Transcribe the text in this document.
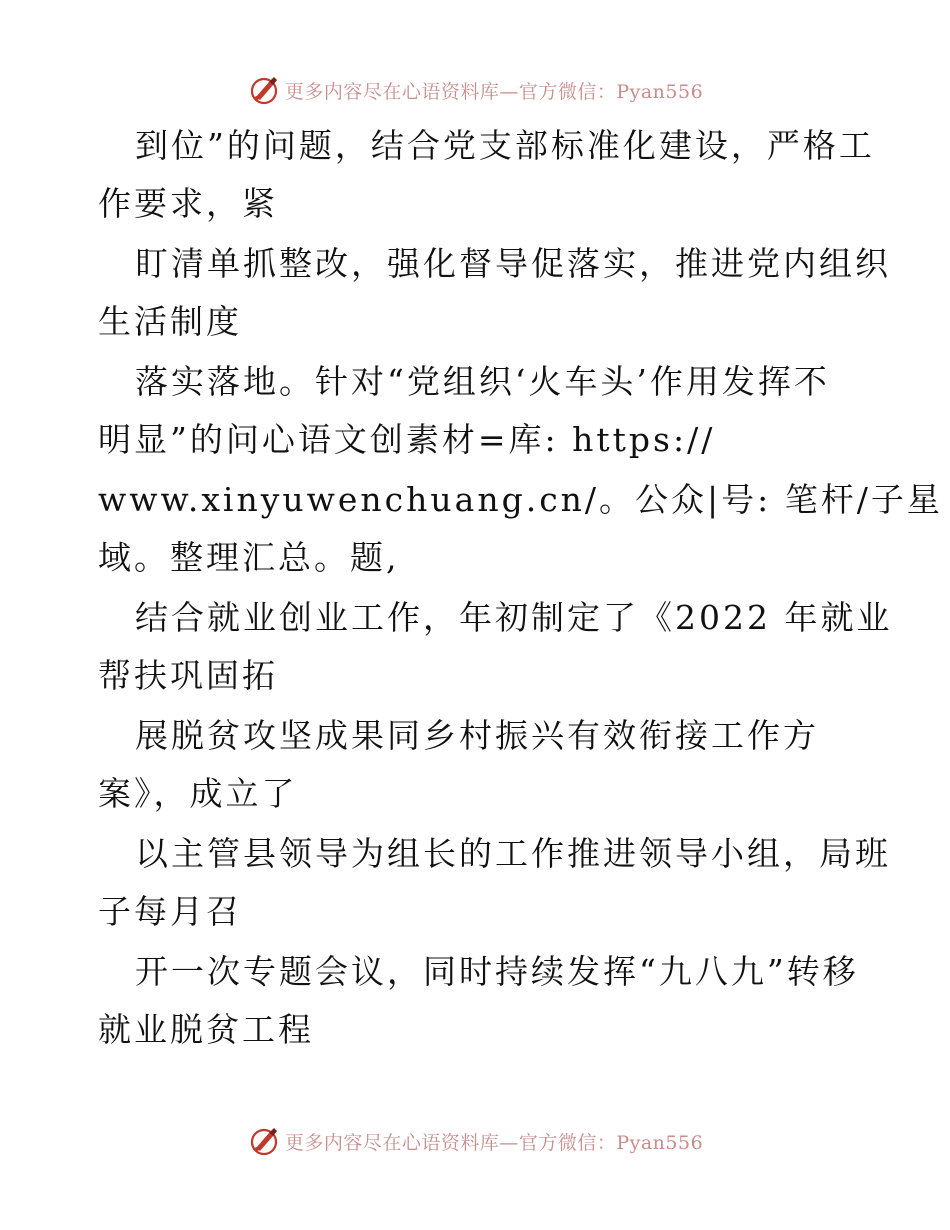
更多内容尽在心语资料库—官方微信：Pyan556
到位”的问题，结合党支部标准化建设，严格工
作要求，紧
盯清单抓整改，强化督导促落实，推进党内组织
生活制度
落实落地。针对“党组织‘火车头’作用发挥不
明显”的问心语文创素材=库: https://
www.xinyuwenchuang.cn/。公众|号: 笔杆/子星
域。整理汇总。题,
结合就业创业工作，年初制定了《2022 年就业
帮扶巩固拓
展脱贫攻坚成果同乡村振兴有效衔接工作方
案》，成立了
以主管县领导为组长的工作推进领导小组，局班
子每月召
开一次专题会议，同时持续发挥“九八九”转移
就业脱贫工程
更多内容尽在心语资料库—官方微信：Pyan556
